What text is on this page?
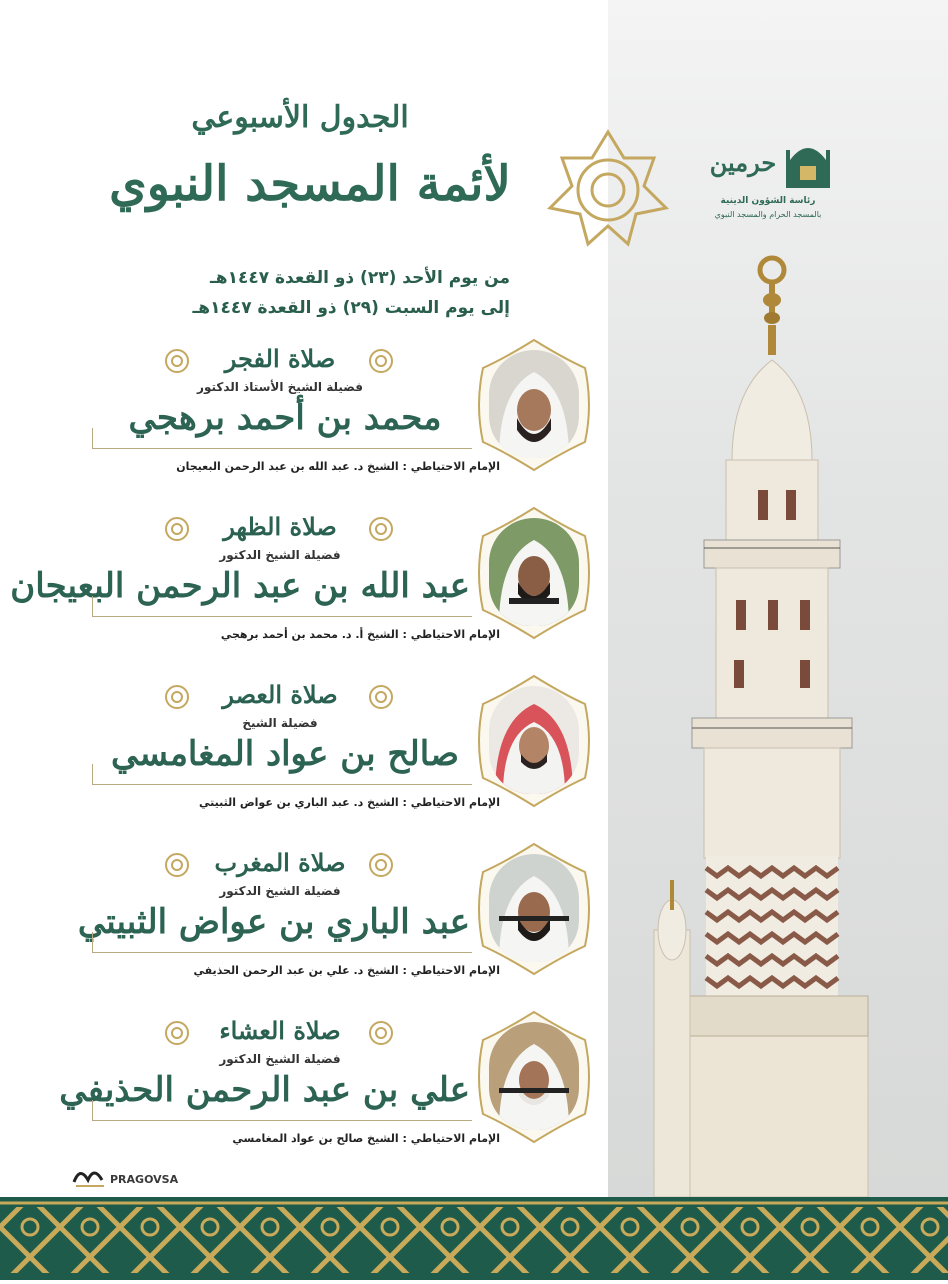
حرمين
رئاسة الشؤون الدينية
بالمسجد الحرام والمسجد النبوي
الجدول الأسبوعي
لأئمة المسجد النبوي
من يوم الأحد (٢٣) ذو القعدة ١٤٤٧هـ
إلى يوم السبت (٢٩) ذو القعدة ١٤٤٧هـ
صلاة الفجر
فضيلة الشيخ الأستاذ الدكتور
محمد بن أحمد برهجي
الإمام الاحتياطي : الشيخ د. عبد الله بن عبد الرحمن البعيجان
صلاة الظهر
فضيلة الشيخ الدكتور
عبد الله بن عبد الرحمن البعيجان
الإمام الاحتياطي : الشيخ أ. د. محمد بن أحمد برهجي
صلاة العصر
فضيلة الشيخ
صالح بن عواد المغامسي
الإمام الاحتياطي : الشيخ د. عبد الباري بن عواض الثبيتي
صلاة المغرب
فضيلة الشيخ الدكتور
عبد الباري بن عواض الثبيتي
الإمام الاحتياطي : الشيخ د. علي بن عبد الرحمن الحذيفي
صلاة العشاء
فضيلة الشيخ الدكتور
علي بن عبد الرحمن الحذيفي
الإمام الاحتياطي : الشيخ صالح بن عواد المغامسي
PRAGOVSA
